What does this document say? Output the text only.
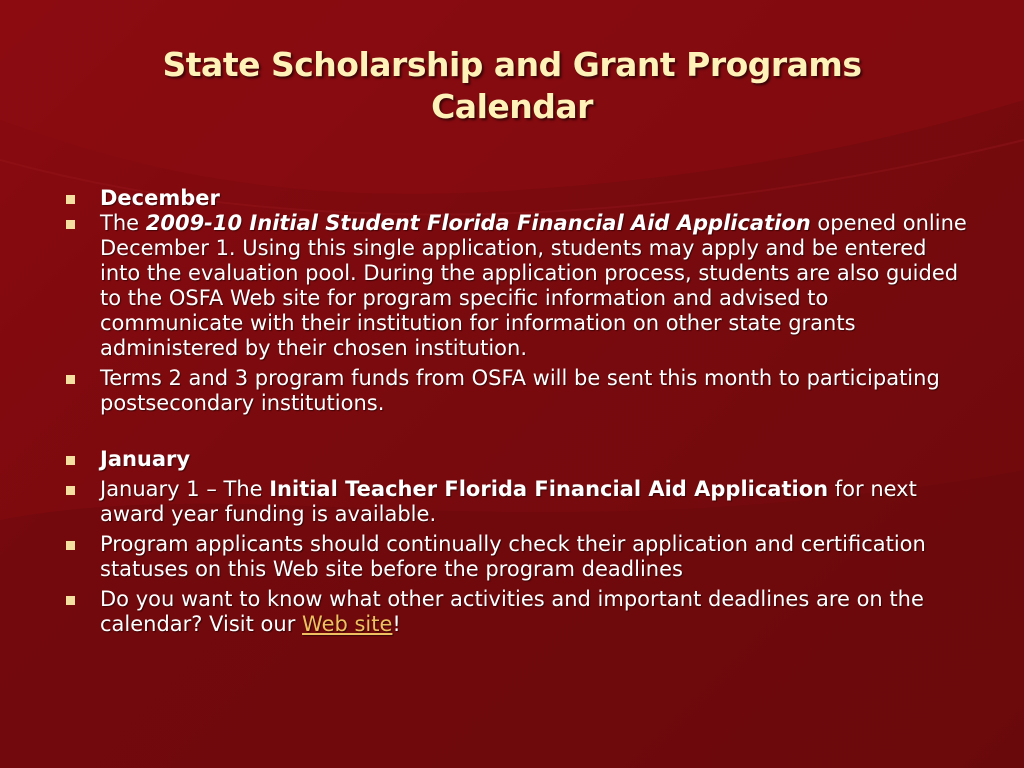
State Scholarship and Grant Programs
Calendar
December
The 2009-10 Initial Student Florida Financial Aid Application opened online December 1. Using this single application, students may apply and be entered into the evaluation pool. During the application process, students are also guided to the OSFA Web site for program specific information and advised to communicate with their institution for information on other state grants administered by their chosen institution.
Terms 2 and 3 program funds from OSFA will be sent this month to participating postsecondary institutions.
January
January 1 – The Initial Teacher Florida Financial Aid Application for next award year funding is available.
Program applicants should continually check their application and certification statuses on this Web site before the program deadlines
Do you want to know what other activities and important deadlines are on the calendar? Visit our Web site!
